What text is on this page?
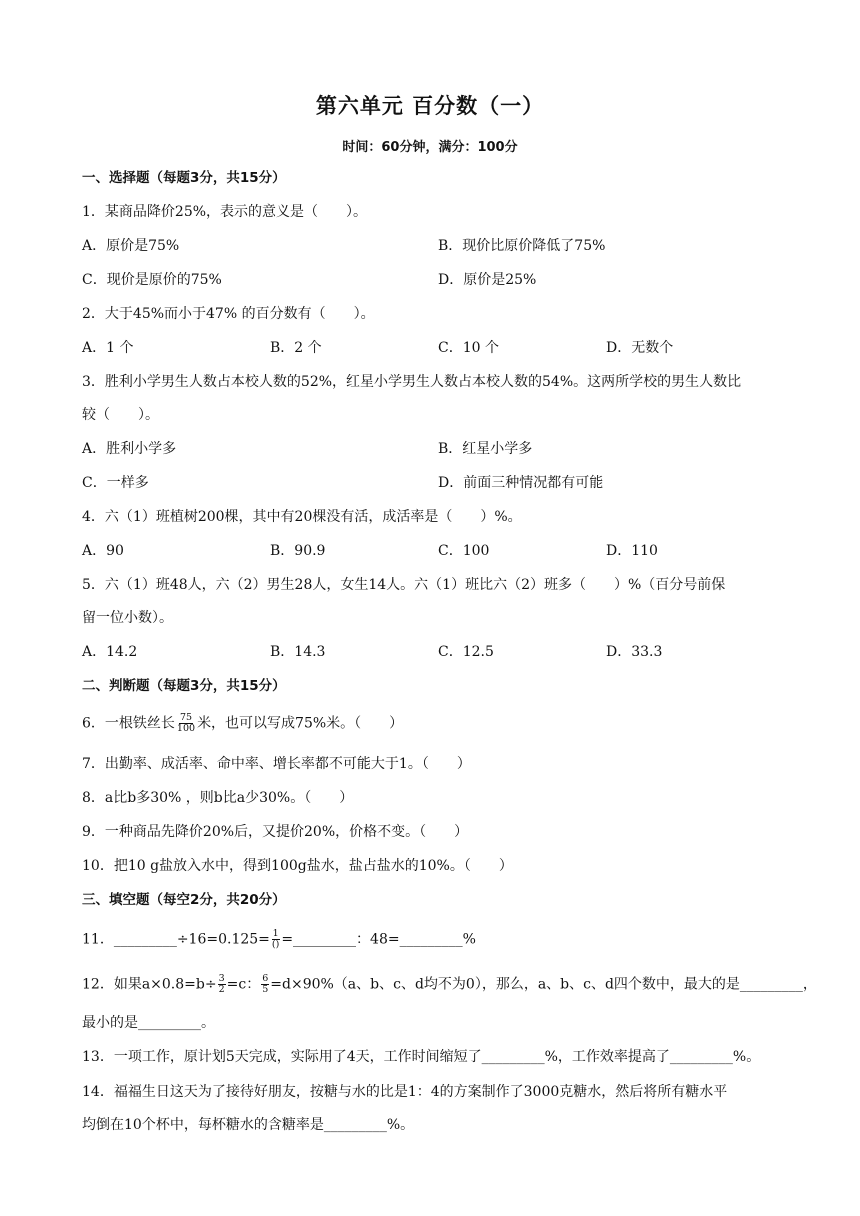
第六单元 百分数（一）
时间：60分钟，满分：100分
一、选择题（每题3分，共15分）
1．某商品降价25%，表示的意义是（　　）。
A．原价是75%	B．现价比原价降低了75%
C．现价是原价的75%	D．原价是25%
2．大于45%而小于47% 的百分数有（　　）。
A．1 个	B．2 个	C．10 个	D．无数个
3．胜利小学男生人数占本校人数的52%，红星小学男生人数占本校人数的54%。这两所学校的男生人数比
较（　　）。
A．胜利小学多	B．红星小学多
C．一样多	D．前面三种情况都有可能
4．六（1）班植树200棵，其中有20棵没有活，成活率是（　　）%。
A．90	B．90.9	C．100	D．110
5．六（1）班48人，六（2）男生28人，女生14人。六（1）班比六（2）班多（　　）%（百分号前保
留一位小数）。
A．14.2	B．14.3	C．12.5	D．33.3
二、判断题（每题3分，共15分）
6．一根铁丝长 $\frac{75}{100}$ 米，也可以写成75%米。（　　）
7．出勤率、成活率、命中率、增长率都不可能大于1。（　　）
8．a比b多30% ，则b比a少30%。（　　）
9．一种商品先降价20%后，又提价20%，价格不变。（　　）
10．把10 g盐放入水中，得到100g盐水，盐占盐水的10%。（　　）
三、填空题（每空2分，共20分）
11．_________÷16=0.125= $\frac{1}{()}$ =_________：48=_________%
12．如果$a\times 0.8=b\div \frac{3}{2} =c$： $\frac{6}{5} =d\times 90\%(a$、b、c、d均不为0），那么，a、b、c、d四个数中，最大的是_________，
最小的是_________。
13．一项工作，原计划5天完成，实际用了4天，工作时间缩短了_________%，工作效率提高了_________%。
14．福福生日这天为了接待好朋友，按糖与水的比是1：4的方案制作了3000克糖水，然后将所有糖水平
均倒在10个杯中，每杯糖水的含糖率是_________%。
